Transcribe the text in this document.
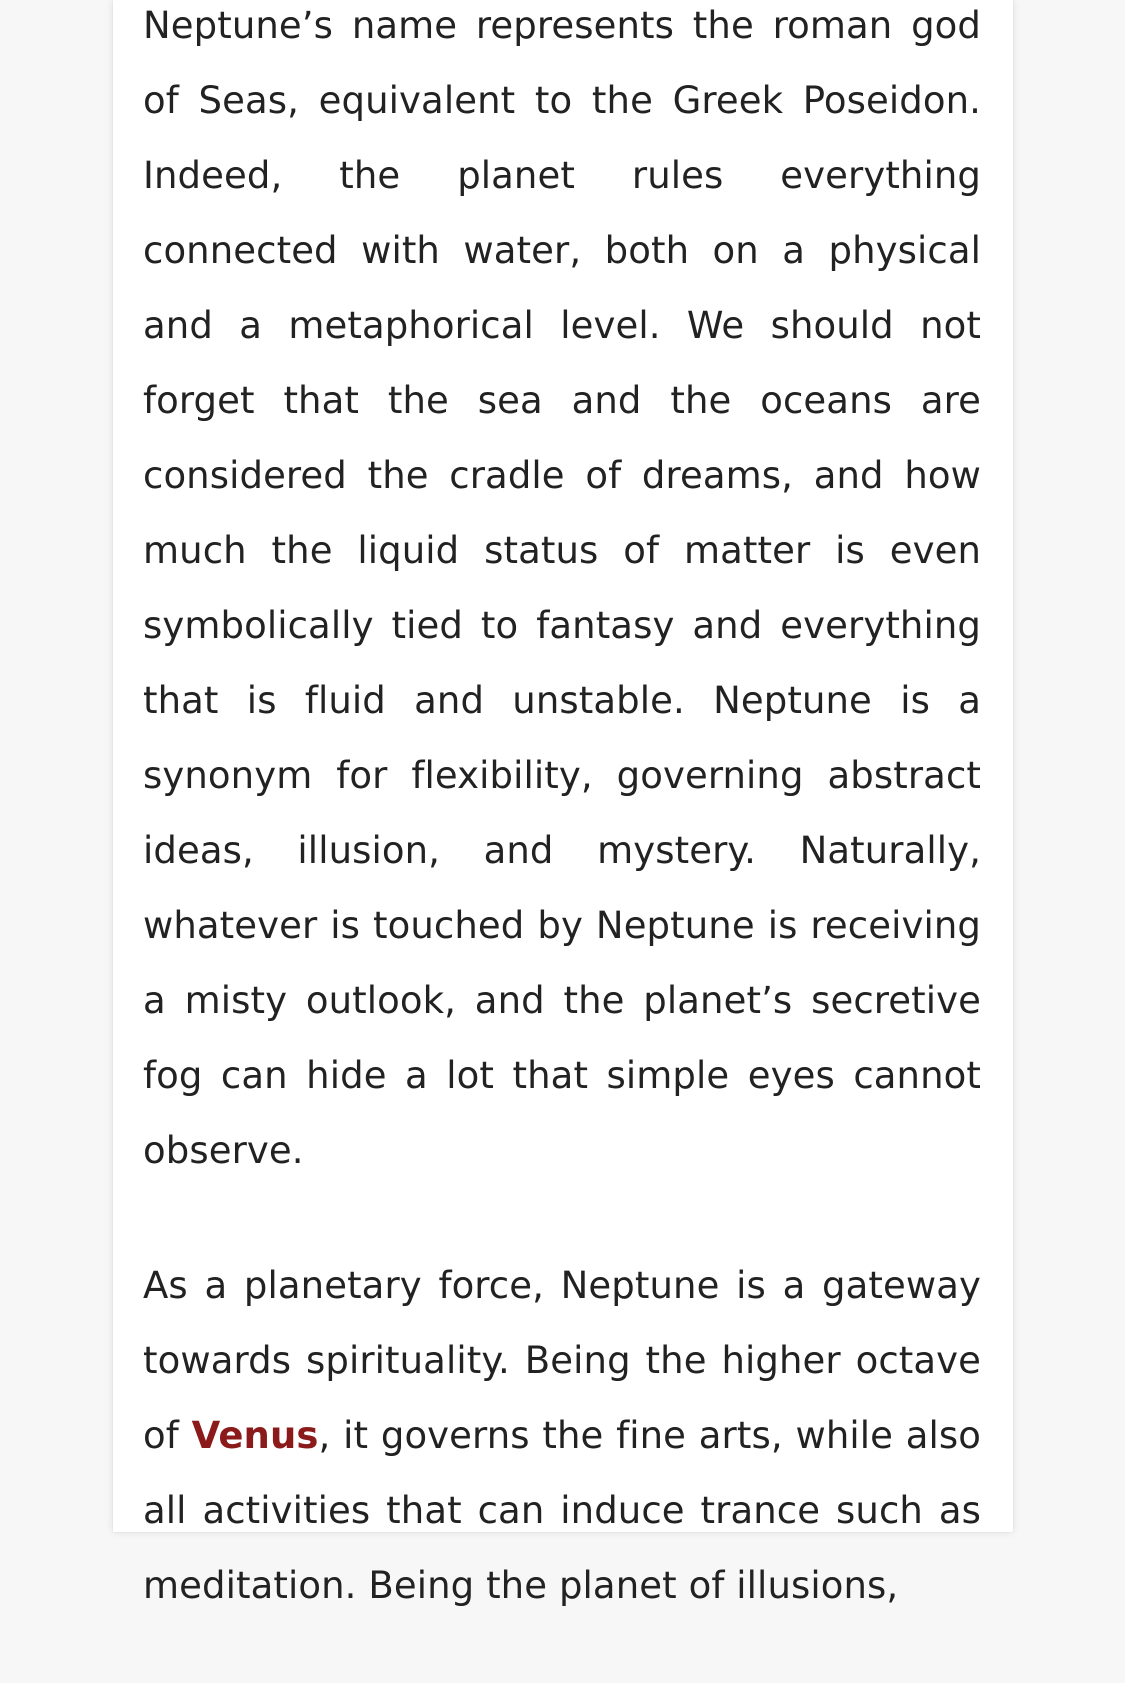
Neptune’s name represents the roman god of Seas, equivalent to the Greek Poseidon. Indeed, the planet rules everything connected with water, both on a physical and a metaphorical level. We should not forget that the sea and the oceans are considered the cradle of dreams, and how much the liquid status of matter is even symbolically tied to fantasy and everything that is fluid and unstable. Neptune is a synonym for flexibility, governing abstract ideas, illusion, and mystery. Naturally, whatever is touched by Neptune is receiving a misty outlook, and the planet’s secretive fog can hide a lot that simple eyes cannot observe.

As a planetary force, Neptune is a gateway towards spirituality. Being the higher octave of Venus, it governs the fine arts, while also all activities that can induce trance such as meditation. Being the planet of illusions,
